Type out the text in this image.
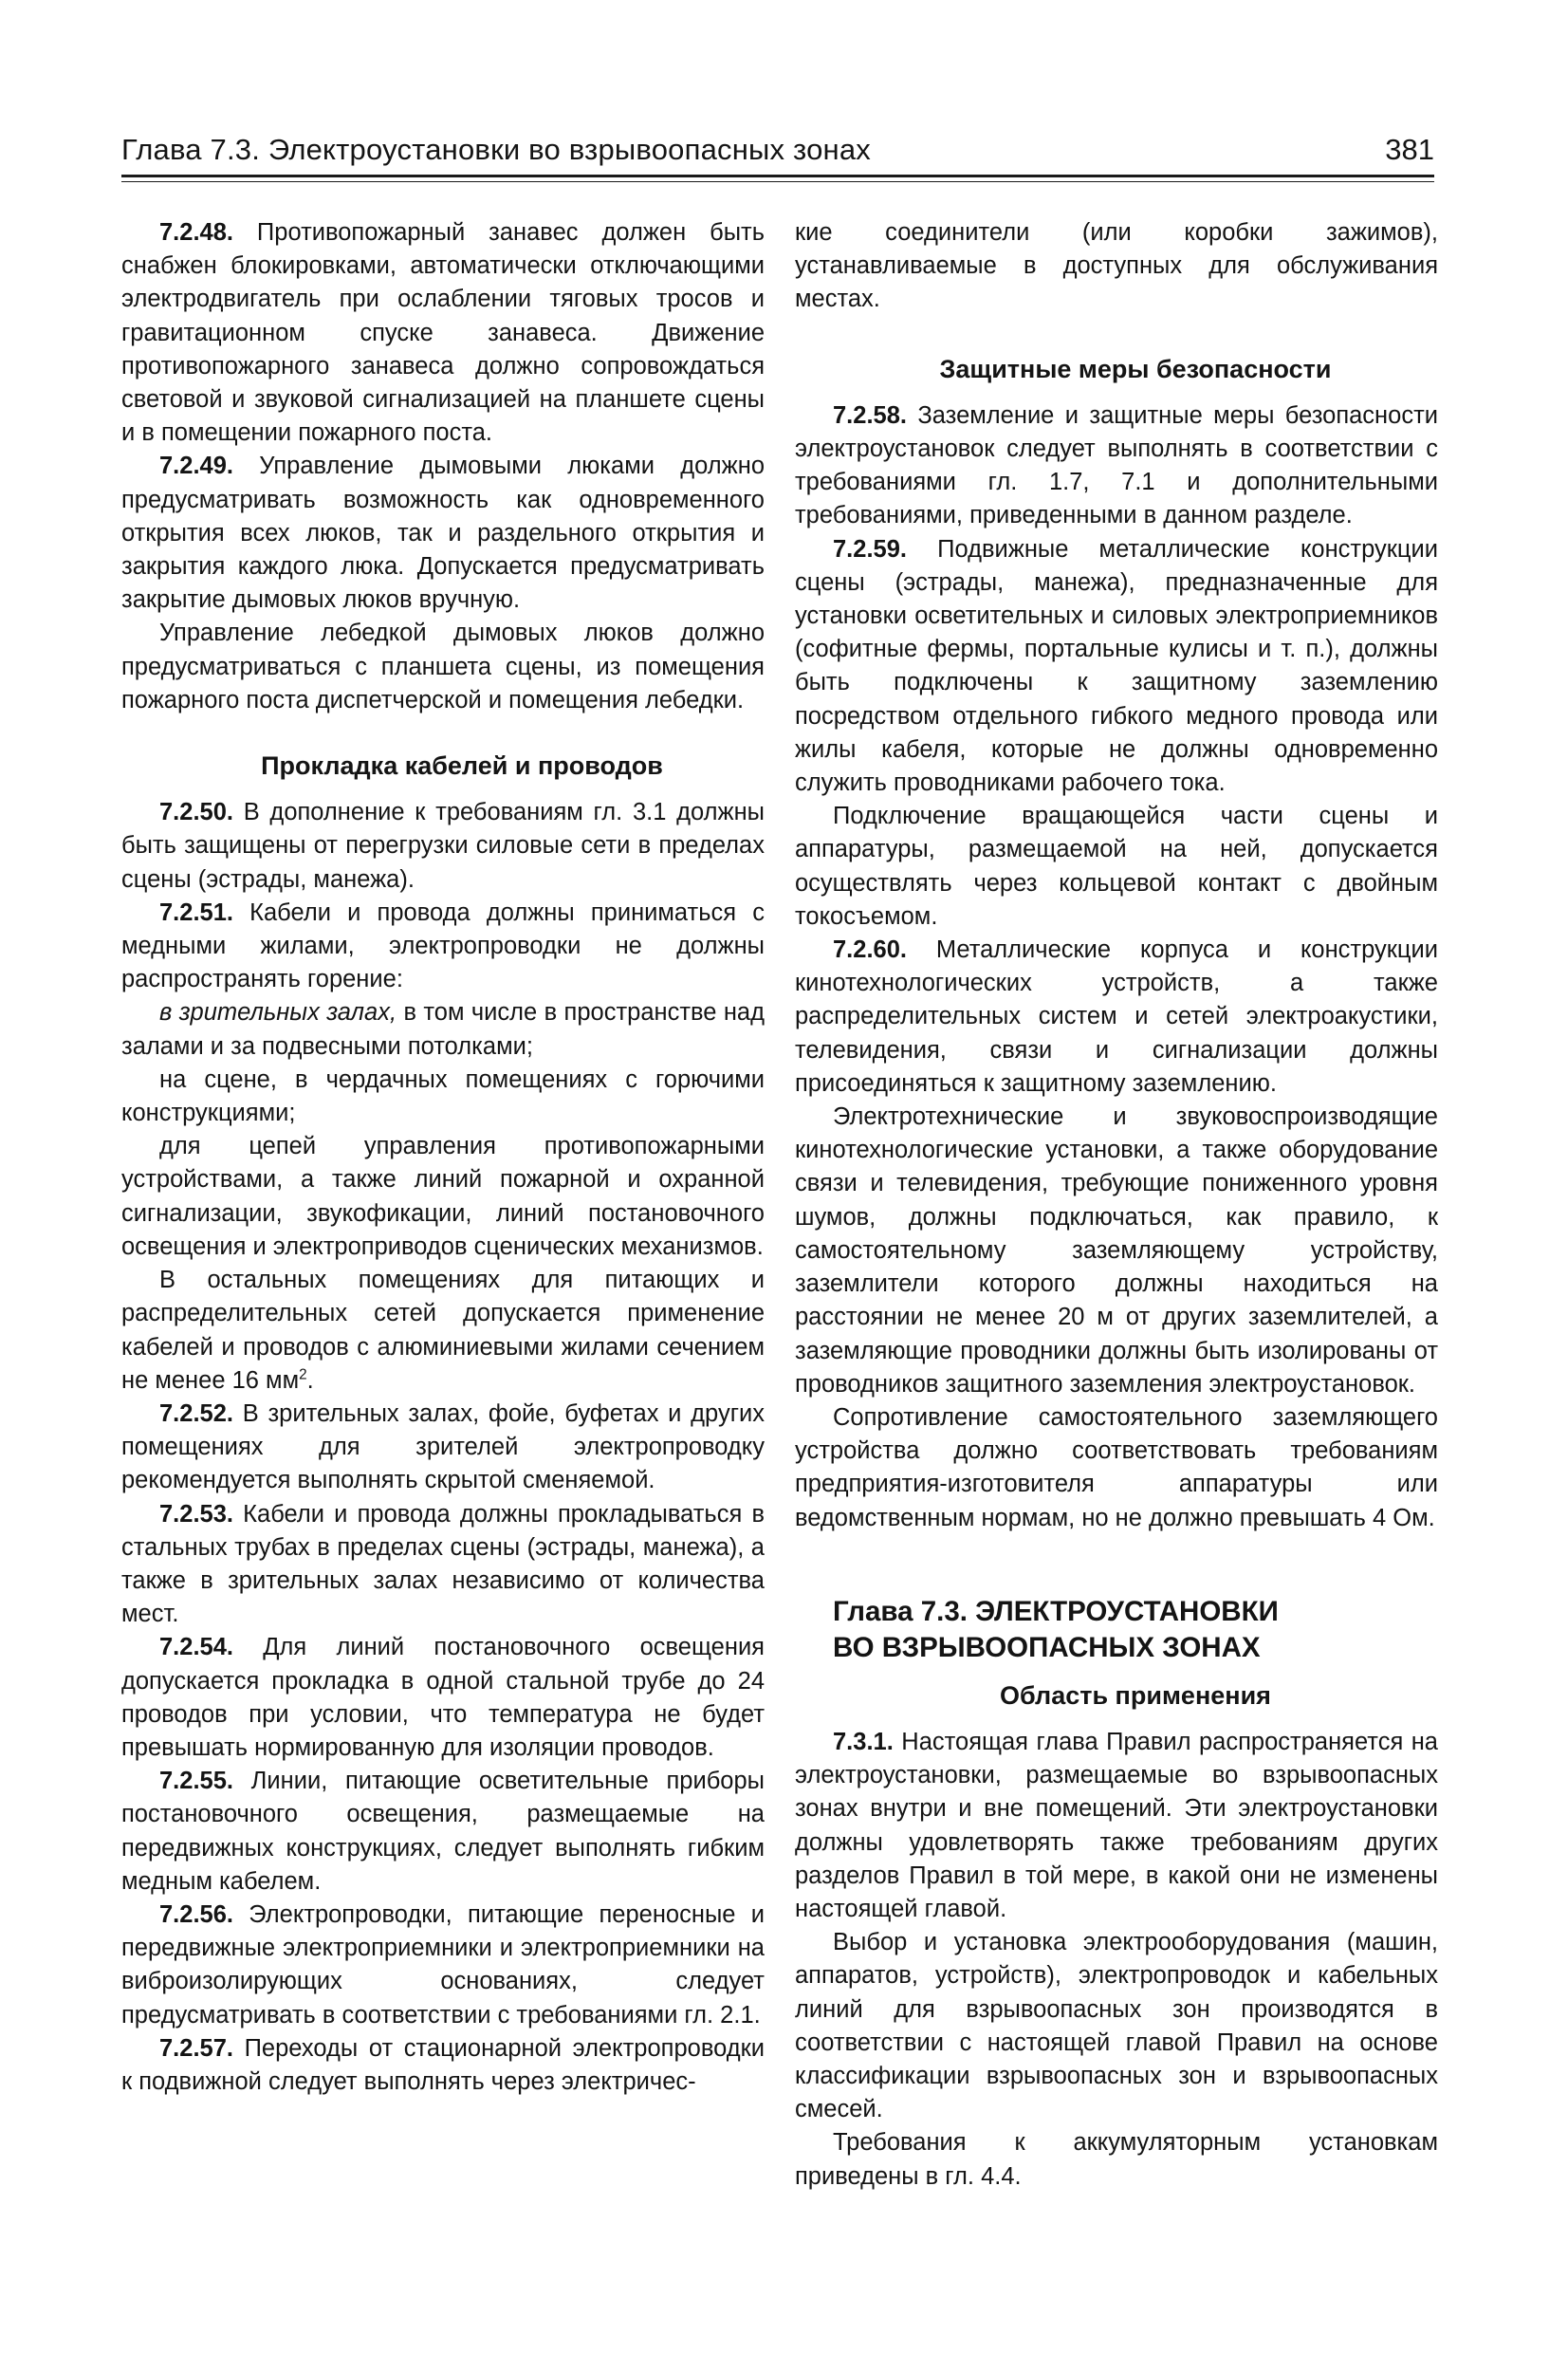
Глава 7.3. Электроустановки во взрывоопасных зонах	381

7.2.48. Противопожарный занавес должен быть снабжен блокировками, автоматически отключающими электродвигатель при ослаблении тяговых тросов и гравитационном спуске занавеса. Движение противопожарного занавеса должно сопровождаться световой и звуковой сигнализацией на планшете сцены и в помещении пожарного поста.

7.2.49. Управление дымовыми люками должно предусматривать возможность как одновременного открытия всех люков, так и раздельного открытия и закрытия каждого люка. Допускается предусматривать закрытие дымовых люков вручную.

Управление лебедкой дымовых люков должно предусматриваться с планшета сцены, из помещения пожарного поста диспетчерской и помещения лебедки.

Прокладка кабелей и проводов

7.2.50. В дополнение к требованиям гл. 3.1 должны быть защищены от перегрузки силовые сети в пределах сцены (эстрады, манежа).

7.2.51. Кабели и провода должны приниматься с медными жилами, электропроводки не должны распространять горение:

в зрительных залах, в том числе в пространстве над залами и за подвесными потолками;

на сцене, в чердачных помещениях с горючими конструкциями;

для цепей управления противопожарными устройствами, а также линий пожарной и охранной сигнализации, звукофикации, линий постановочного освещения и электроприводов сценических механизмов.

В остальных помещениях для питающих и распределительных сетей допускается применение кабелей и проводов с алюминиевыми жилами сечением не менее 16 $мм^2$.

7.2.52. В зрительных залах, фойе, буфетах и других помещениях для зрителей электропроводку рекомендуется выполнять скрытой сменяемой.

7.2.53. Кабели и провода должны прокладываться в стальных трубах в пределах сцены (эстрады, манежа), а также в зрительных залах независимо от количества мест.

7.2.54. Для линий постановочного освещения допускается прокладка в одной стальной трубе до 24 проводов при условии, что температура не будет превышать нормированную для изоляции проводов.

7.2.55. Линии, питающие осветительные приборы постановочного освещения, размещаемые на передвижных конструкциях, следует выполнять гибким медным кабелем.

7.2.56. Электропроводки, питающие переносные и передвижные электроприемники и электроприемники на виброизолирующих основаниях, следует предусматривать в соответствии с требованиями гл. 2.1.

7.2.57. Переходы от стационарной электропроводки к подвижной следует выполнять через электричес-

кие соединители (или коробки зажимов), устанавливаемые в доступных для обслуживания местах.

Защитные меры безопасности

7.2.58. Заземление и защитные меры безопасности электроустановок следует выполнять в соответствии с требованиями гл. 1.7, 7.1 и дополнительными требованиями, приведенными в данном разделе.

7.2.59. Подвижные металлические конструкции сцены (эстрады, манежа), предназначенные для установки осветительных и силовых электроприемников (софитные фермы, портальные кулисы и т. п.), должны быть подключены к защитному заземлению посредством отдельного гибкого медного провода или жилы кабеля, которые не должны одновременно служить проводниками рабочего тока.

Подключение вращающейся части сцены и аппаратуры, размещаемой на ней, допускается осуществлять через кольцевой контакт с двойным токосъемом.

7.2.60. Металлические корпуса и конструкции кинотехнологических устройств, а также распределительных систем и сетей электроакустики, телевидения, связи и сигнализации должны присоединяться к защитному заземлению.

Электротехнические и звуковоспроизводящие кинотехнологические установки, а также оборудование связи и телевидения, требующие пониженного уровня шумов, должны подключаться, как правило, к самостоятельному заземляющему устройству, заземлители которого должны находиться на расстоянии не менее 20 м от других заземлителей, а заземляющие проводники должны быть изолированы от проводников защитного заземления электроустановок.

Сопротивление самостоятельного заземляющего устройства должно соответствовать требованиям предприятия-изготовителя аппаратуры или ведомственным нормам, но не должно превышать 4 Ом.

Глава 7.3. ЭЛЕКТРОУСТАНОВКИ

ВО ВЗРЫВООПАСНЫХ ЗОНАХ

Область применения

7.3.1. Настоящая глава Правил распространяется на электроустановки, размещаемые во взрывоопасных зонах внутри и вне помещений. Эти электроустановки должны удовлетворять также требованиям других разделов Правил в той мере, в какой они не изменены настоящей главой.

Выбор и установка электрооборудования (машин, аппаратов, устройств), электропроводок и кабельных линий для взрывоопасных зон производятся в соответствии с настоящей главой Правил на основе классификации взрывоопасных зон и взрывоопасных смесей.

Требования к аккумуляторным установкам приведены в гл. 4.4.
